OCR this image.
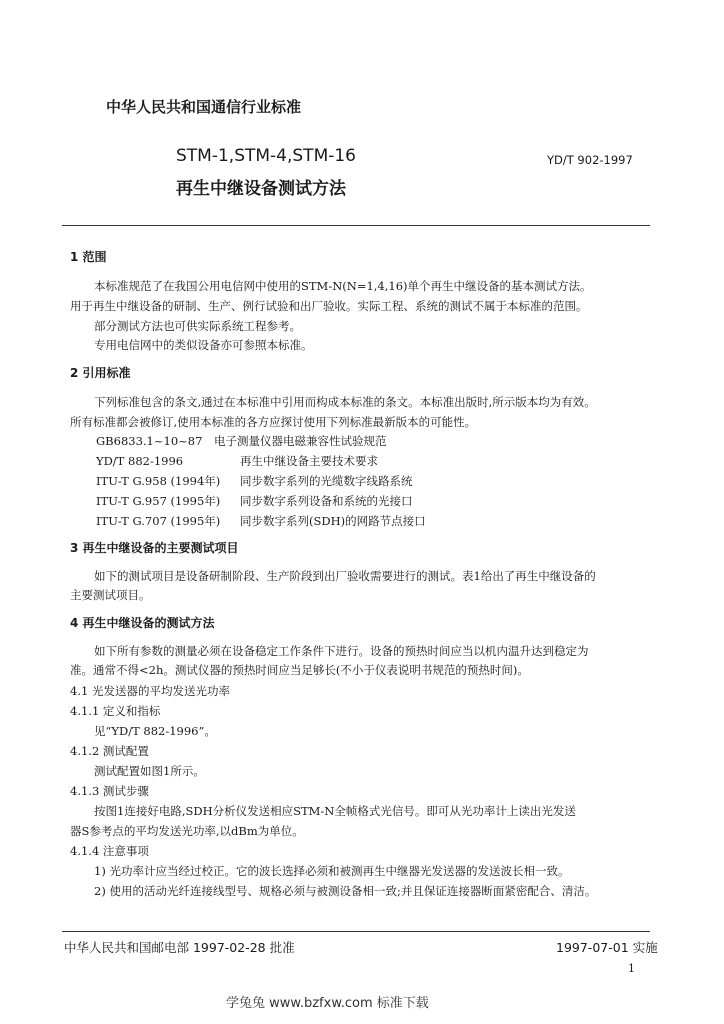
中华人民共和国通信行业标准
STM-1,STM-4,STM-16
再生中继设备测试方法
YD/T 902-1997
1 范围
本标准规范了在我国公用电信网中使用的STM-N(N=1,4,16)单个再生中继设备的基本测试方法。
用于再生中继设备的研制、生产、例行试验和出厂验收。实际工程、系统的测试不属于本标准的范围。
部分测试方法也可供实际系统工程参考。
专用电信网中的类似设备亦可参照本标准。
2 引用标准
下列标准包含的条文,通过在本标准中引用而构成本标准的条文。本标准出版时,所示版本均为有效。
所有标准都会被修订,使用本标准的各方应探讨使用下列标准最新版本的可能性。
GB6833.1~10~87 电子测量仪器电磁兼容性试验规范
YD/T 882-1996	再生中继设备主要技术要求
ITU-T G.958 (1994年) 同步数字系列的光缆数字线路系统
ITU-T G.957 (1995年) 同步数字系列设备和系统的光接口
ITU-T G.707 (1995年) 同步数字系列(SDH)的网路节点接口
3 再生中继设备的主要测试项目
如下的测试项目是设备研制阶段、生产阶段到出厂验收需要进行的测试。表1给出了再生中继设备的
主要测试项目。
4 再生中继设备的测试方法
如下所有参数的测量必须在设备稳定工作条件下进行。设备的预热时间应当以机内温升达到稳定为
准。通常不得<2h。测试仪器的预热时间应当足够长(不小于仪表说明书规范的预热时间)。
4.1 光发送器的平均发送光功率
4.1.1 定义和指标
见“YD/T 882-1996”。
4.1.2 测试配置
测试配置如图1所示。
4.1.3 测试步骤
按图1连接好电路,SDH分析仪发送相应STM-N全帧格式光信号。即可从光功率计上读出光发送
器S参考点的平均发送光功率,以dBm为单位。
4.1.4 注意事项
1) 光功率计应当经过校正。它的波长选择必须和被测再生中继器光发送器的发送波长相一致。
2) 使用的活动光纤连接线型号、规格必须与被测设备相一致;并且保证连接器断面紧密配合、清洁。
中华人民共和国邮电部 1997-02-28 批准	1997-07-01 实施
1
学兔兔 www.bzfxw.com 标准下载
